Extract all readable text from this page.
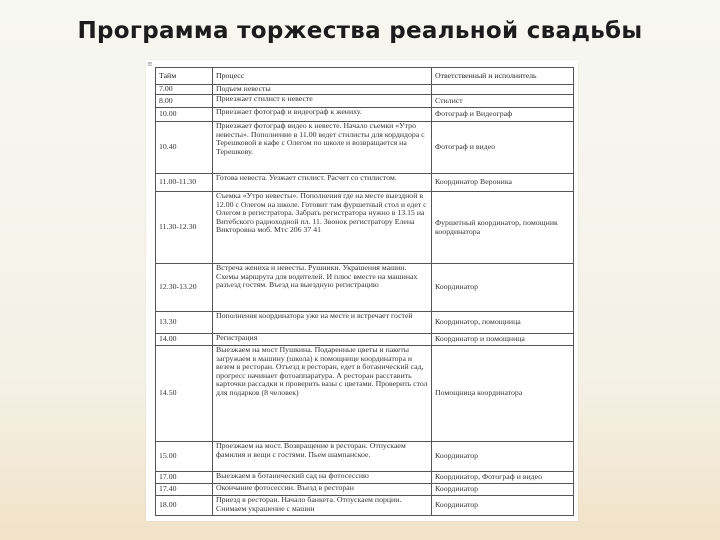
Программа торжества реальной свадьбы
≡
Тайм	Процесс	Ответственный и исполнитель
7.00	Подъем невесты	
8.00	Приезжает стилист к невесте	Стилист
10.00	Приезжает фотограф и видеограф к жениху.	Фотограф и Видеограф
10.40	Приезжает фотограф видео к невесте. Начало съемки «Утро невесты». Пополнение в 11.00 ведет стилисты для кордидора с Терешковой в кафе с Олегом по школе и возвращается на Терешкову.	Фотограф и видео
11.00-11.30	Готова невеста. Уезжает стилист. Расчет со стилистом.	Координатор Вероника
11.30-12.30	Съемка «Утро невесты». Пополнения где на месте выездной в 12.00 с Олегом на школе. Готовит там фуршетный стол и едет с Олегом в регистратора. Забрать регистратора нужно в 13.15 на Витебского радиоходной пл. 11. Звонок регистратору Елена Викторовна моб. Мтс 206 37 41	Фуршетный координатор, помощник координатора
12.30-13.20	Встреча жениха и невесты. Рушники. Украшения машин. Схемы маршрута для водителей. И плюс вместе на машинах разъезд гостям. Въезд на выездную регистрацию	Координатор
13.30	Пополнения координатора уже на месте и встречает гостей	Координатор, помощница
14.00	Регистрация	Координатор и помощница
14.50	Выезжаем на мост Пушкина. Подаренные цветы и пакеты загружаем в машину (школа) к помощнице координатора и везем в ресторан. Отъезд в ресторан, едет в ботанический сад, прогресс начинает фотоаппаратура. А ресторан расставить карточки рассадки и проверить вазы с цветами. Проверить стол для подарков (8 человек)	Помощница координатора
15.00	Проезжаем на мост. Возвращение в ресторан. Отпускаем фамилия и вещи с гостями. Пьем шампанское.	Координатор
17.00	Выезжаем в ботанический сад на фотосессию	Координатор, Фотограф и видео
17.40	Окончание фотосессии. Въезд в ресторан	Координатор
18.00	Приезд в ресторан. Начало банкета. Отпускаем порции. Снимаем украшение с машин	Координатор
